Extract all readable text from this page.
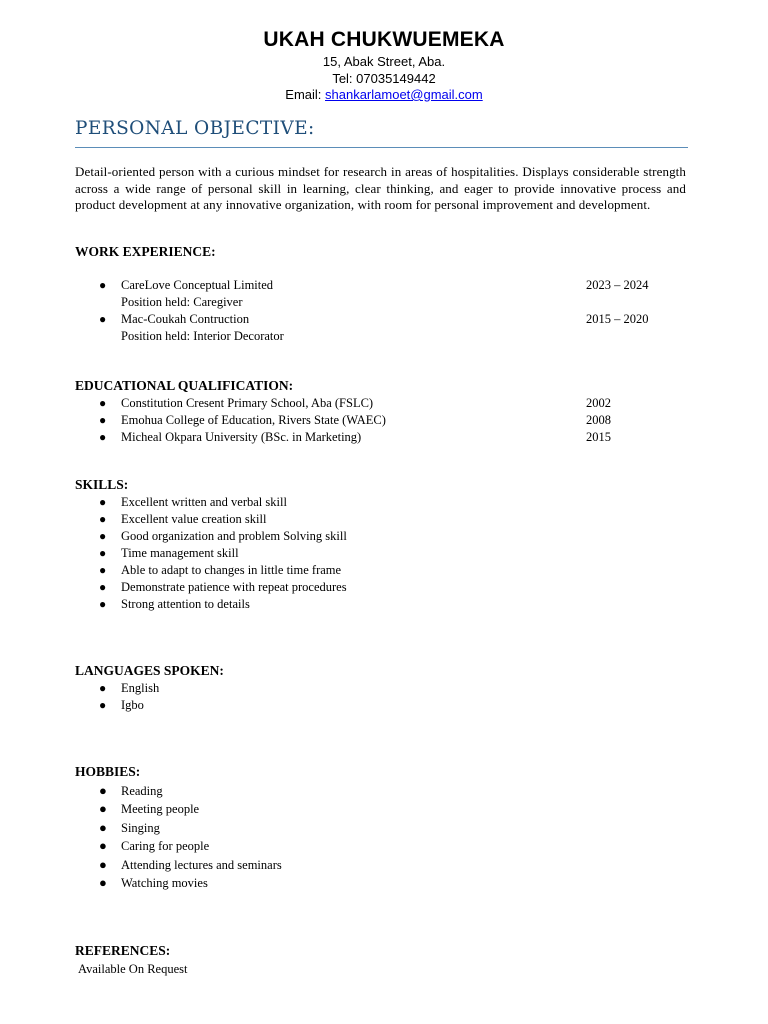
UKAH CHUKWUEMEKA

15, Abak Street, Aba.

Tel: 07035149442

Email: shankarlamoet@gmail.com

PERSONAL OBJECTIVE:

Detail-oriented person with a curious mindset for research in areas of hospitalities. Displays considerable strength across a wide range of personal skill in learning, clear thinking, and eager to provide innovative process and product development at any innovative organization, with room for personal improvement and development.

WORK EXPERIENCE:

● CareLove Conceptual Limited	2023 – 2024
Position held: Caregiver
● Mac-Coukah Contruction	2015 – 2020
Position held: Interior Decorator

EDUCATIONAL QUALIFICATION:

● Constitution Cresent Primary School, Aba (FSLC)	2002
● Emohua College of Education, Rivers State (WAEC)	2008
● Micheal Okpara University (BSc. in Marketing)	2015

SKILLS:

● Excellent written and verbal skill
● Excellent value creation skill
● Good organization and problem Solving skill
● Time management skill
● Able to adapt to changes in little time frame
● Demonstrate patience with repeat procedures
● Strong attention to details

LANGUAGES SPOKEN:

● English
● Igbo

HOBBIES:

● Reading
● Meeting people
● Singing
● Caring for people
● Attending lectures and seminars
● Watching movies

REFERENCES:

Available On Request
